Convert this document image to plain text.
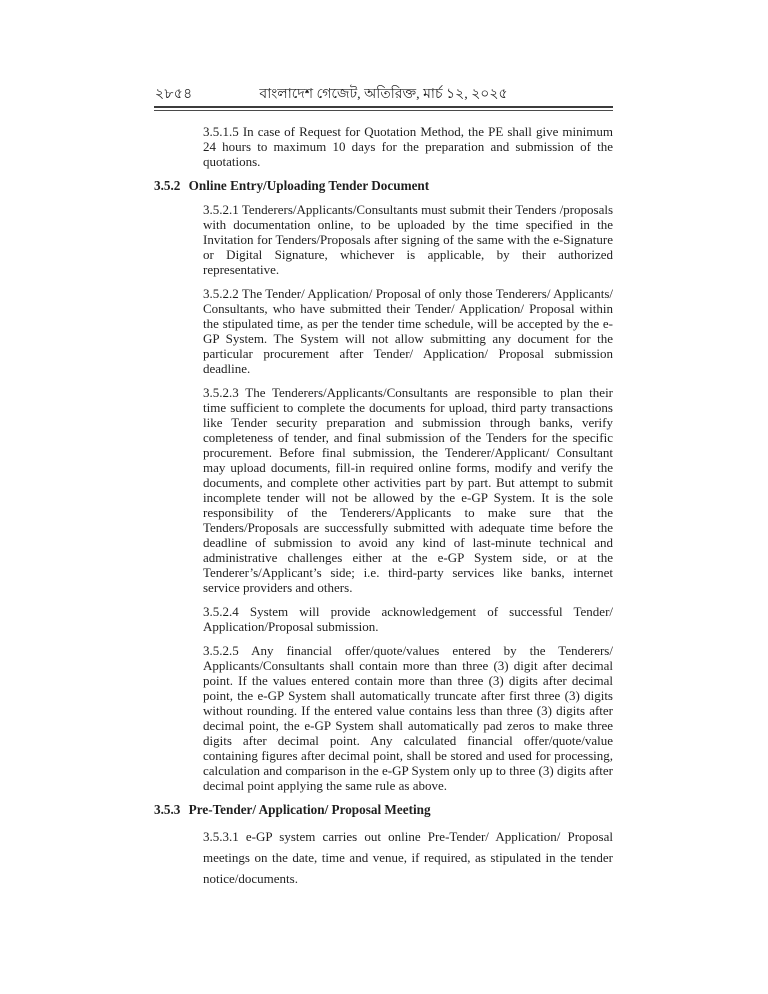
২৮৫৪	বাংলাদেশ গেজেট, অতিরিক্ত, মার্চ ১২, ২০২৫
3.5.1.5 In case of Request for Quotation Method, the PE shall give minimum 24 hours to maximum 10 days for the preparation and submission of the quotations.
3.5.2 Online Entry/Uploading Tender Document
3.5.2.1 Tenderers/Applicants/Consultants must submit their Tenders /proposals with documentation online, to be uploaded by the time specified in the Invitation for Tenders/Proposals after signing of the same with the e-Signature or Digital Signature, whichever is applicable, by their authorized representative.
3.5.2.2 The Tender/ Application/ Proposal of only those Tenderers/ Applicants/ Consultants, who have submitted their Tender/ Application/ Proposal within the stipulated time, as per the tender time schedule, will be accepted by the e-GP System. The System will not allow submitting any document for the particular procurement after Tender/ Application/ Proposal submission deadline.
3.5.2.3 The Tenderers/Applicants/Consultants are responsible to plan their time sufficient to complete the documents for upload, third party transactions like Tender security preparation and submission through banks, verify completeness of tender, and final submission of the Tenders for the specific procurement. Before final submission, the Tenderer/Applicant/ Consultant may upload documents, fill-in required online forms, modify and verify the documents, and complete other activities part by part. But attempt to submit incomplete tender will not be allowed by the e-GP System. It is the sole responsibility of the Tenderers/Applicants to make sure that the Tenders/Proposals are successfully submitted with adequate time before the deadline of submission to avoid any kind of last-minute technical and administrative challenges either at the e-GP System side, or at the Tenderer’s/Applicant’s side; i.e. third-party services like banks, internet service providers and others.
3.5.2.4 System will provide acknowledgement of successful Tender/ Application/Proposal submission.
3.5.2.5 Any financial offer/quote/values entered by the Tenderers/ Applicants/Consultants shall contain more than three (3) digit after decimal point. If the values entered contain more than three (3) digits after decimal point, the e-GP System shall automatically truncate after first three (3) digits without rounding. If the entered value contains less than three (3) digits after decimal point, the e-GP System shall automatically pad zeros to make three digits after decimal point. Any calculated financial offer/quote/value containing figures after decimal point, shall be stored and used for processing, calculation and comparison in the e-GP System only up to three (3) digits after decimal point applying the same rule as above.
3.5.3 Pre-Tender/ Application/ Proposal Meeting
3.5.3.1 e-GP system carries out online Pre-Tender/ Application/ Proposal meetings on the date, time and venue, if required, as stipulated in the tender notice/documents.
